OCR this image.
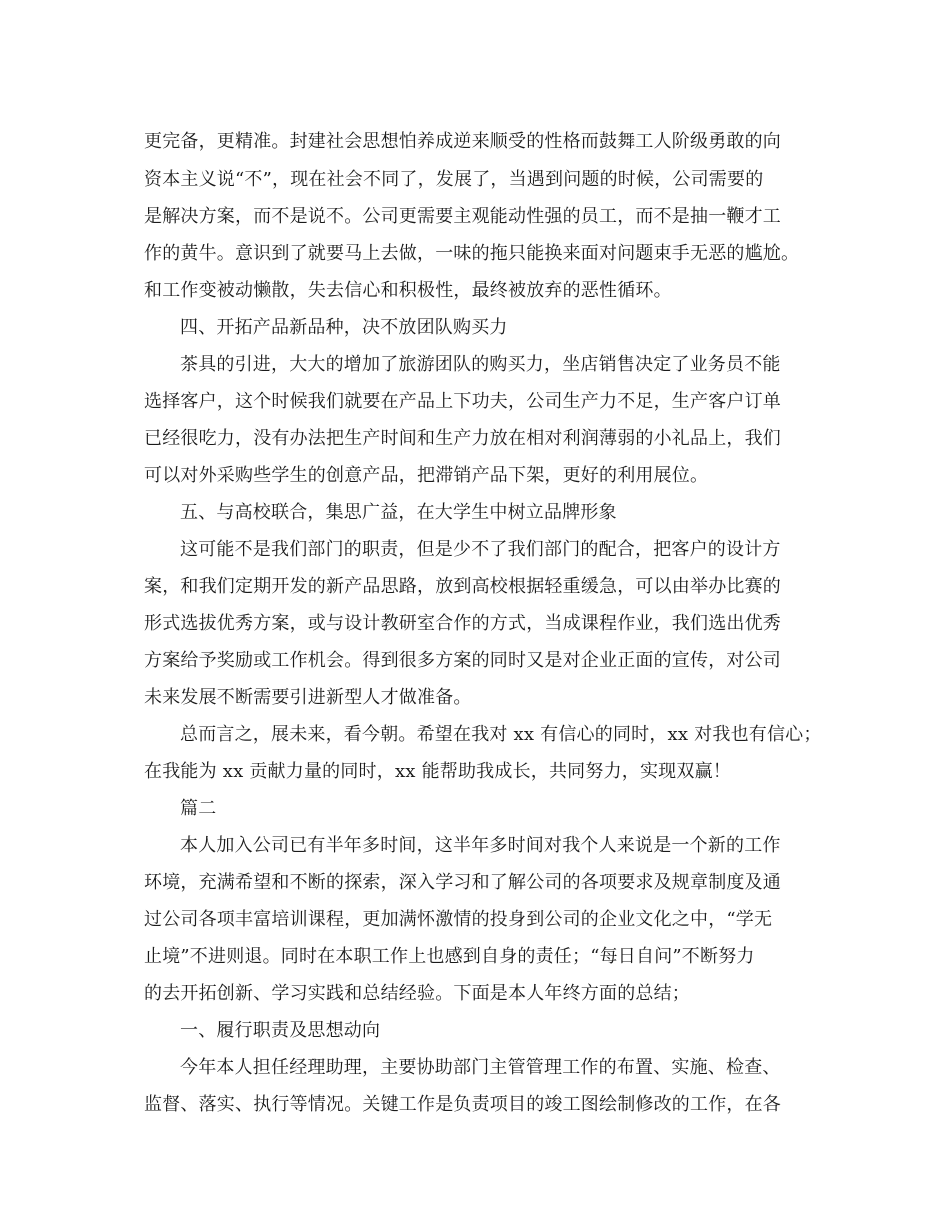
更完备，更精准。封建社会思想怕养成逆来顺受的性格而鼓舞工人阶级勇敢的向
资本主义说“不”，现在社会不同了，发展了，当遇到问题的时候，公司需要的
是解决方案，而不是说不。公司更需要主观能动性强的员工，而不是抽一鞭才工
作的黄牛。意识到了就要马上去做，一味的拖只能换来面对问题束手无恶的尴尬。
和工作变被动懒散，失去信心和积极性，最终被放弃的恶性循环。
四、开拓产品新品种，决不放团队购买力
茶具的引进，大大的增加了旅游团队的购买力，坐店销售决定了业务员不能
选择客户，这个时候我们就要在产品上下功夫，公司生产力不足，生产客户订单
已经很吃力，没有办法把生产时间和生产力放在相对利润薄弱的小礼品上，我们
可以对外采购些学生的创意产品，把滞销产品下架，更好的利用展位。
五、与高校联合，集思广益，在大学生中树立品牌形象
这可能不是我们部门的职责，但是少不了我们部门的配合，把客户的设计方
案，和我们定期开发的新产品思路，放到高校根据轻重缓急，可以由举办比赛的
形式选拔优秀方案，或与设计教研室合作的方式，当成课程作业，我们选出优秀
方案给予奖励或工作机会。得到很多方案的同时又是对企业正面的宣传，对公司
未来发展不断需要引进新型人才做准备。
总而言之，展未来，看今朝。希望在我对 xx 有信心的同时，xx 对我也有信心；
在我能为 xx 贡献力量的同时，xx 能帮助我成长，共同努力，实现双赢！
篇二
本人加入公司已有半年多时间，这半年多时间对我个人来说是一个新的工作
环境，充满希望和不断的探索，深入学习和了解公司的各项要求及规章制度及通
过公司各项丰富培训课程，更加满怀激情的投身到公司的企业文化之中，“学无
止境”不进则退。同时在本职工作上也感到自身的责任；“每日自问”不断努力
的去开拓创新、学习实践和总结经验。下面是本人年终方面的总结；
一、履行职责及思想动向
今年本人担任经理助理，主要协助部门主管管理工作的布置、实施、检查、
监督、落实、执行等情况。关键工作是负责项目的竣工图绘制修改的工作，在各
